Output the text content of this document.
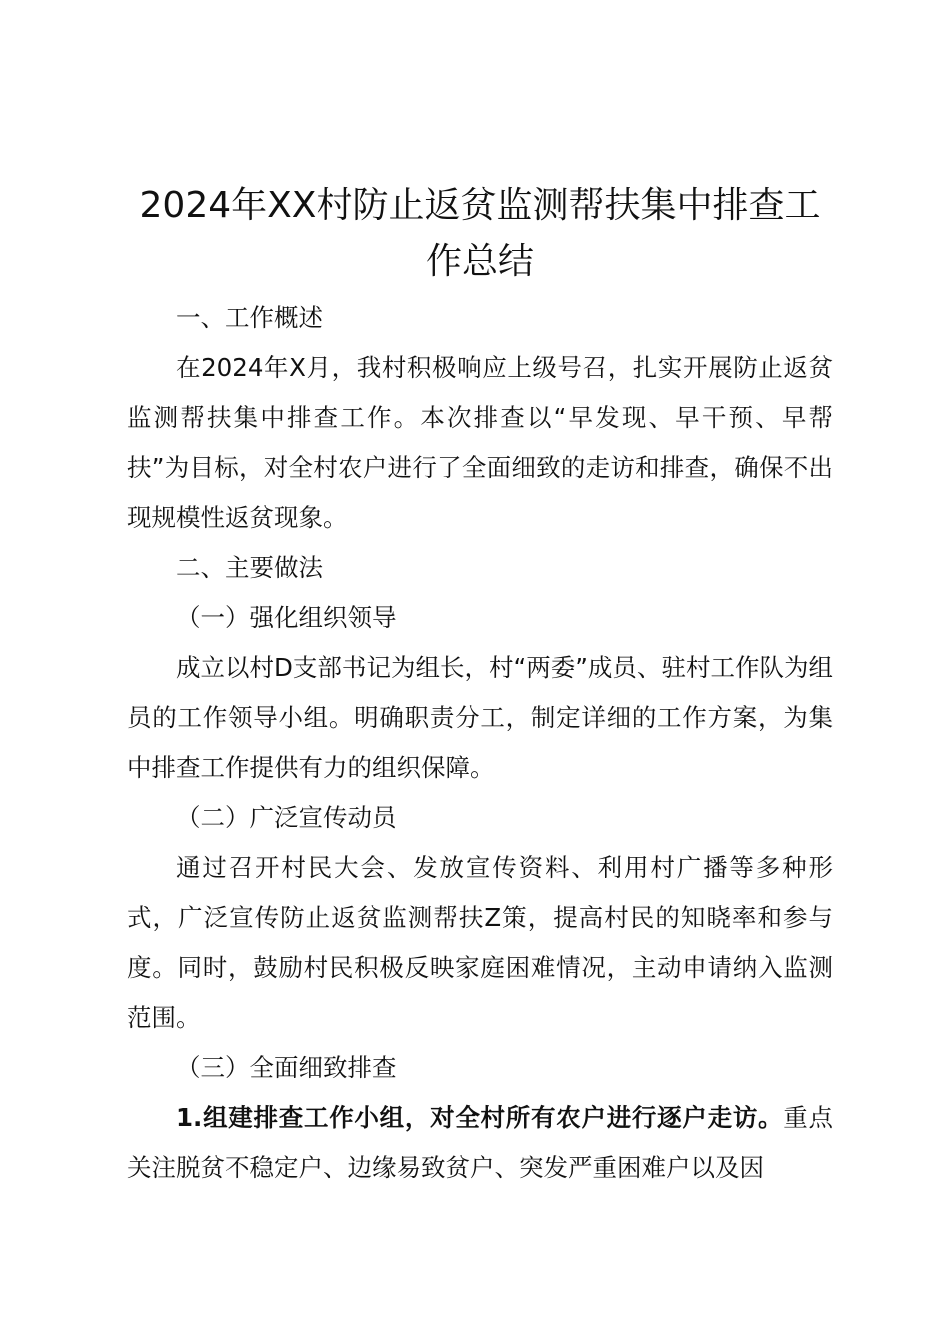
2024年XX村防止返贫监测帮扶集中排查工作总结

一、工作概述

在2024年X月，我村积极响应上级号召，扎实开展防止返贫监测帮扶集中排查工作。本次排查以“早发现、早干预、早帮扶”为目标，对全村农户进行了全面细致的走访和排查，确保不出现规模性返贫现象。

二、主要做法

（一）强化组织领导

成立以村D支部书记为组长，村“两委”成员、驻村工作队为组员的工作领导小组。明确职责分工，制定详细的工作方案，为集中排查工作提供有力的组织保障。

（二）广泛宣传动员

通过召开村民大会、发放宣传资料、利用村广播等多种形式，广泛宣传防止返贫监测帮扶Z策，提高村民的知晓率和参与度。同时，鼓励村民积极反映家庭困难情况，主动申请纳入监测范围。

（三）全面细致排查

1.组建排查工作小组，对全村所有农户进行逐户走访。重点关注脱贫不稳定户、边缘易致贫户、突发严重困难户以及因
